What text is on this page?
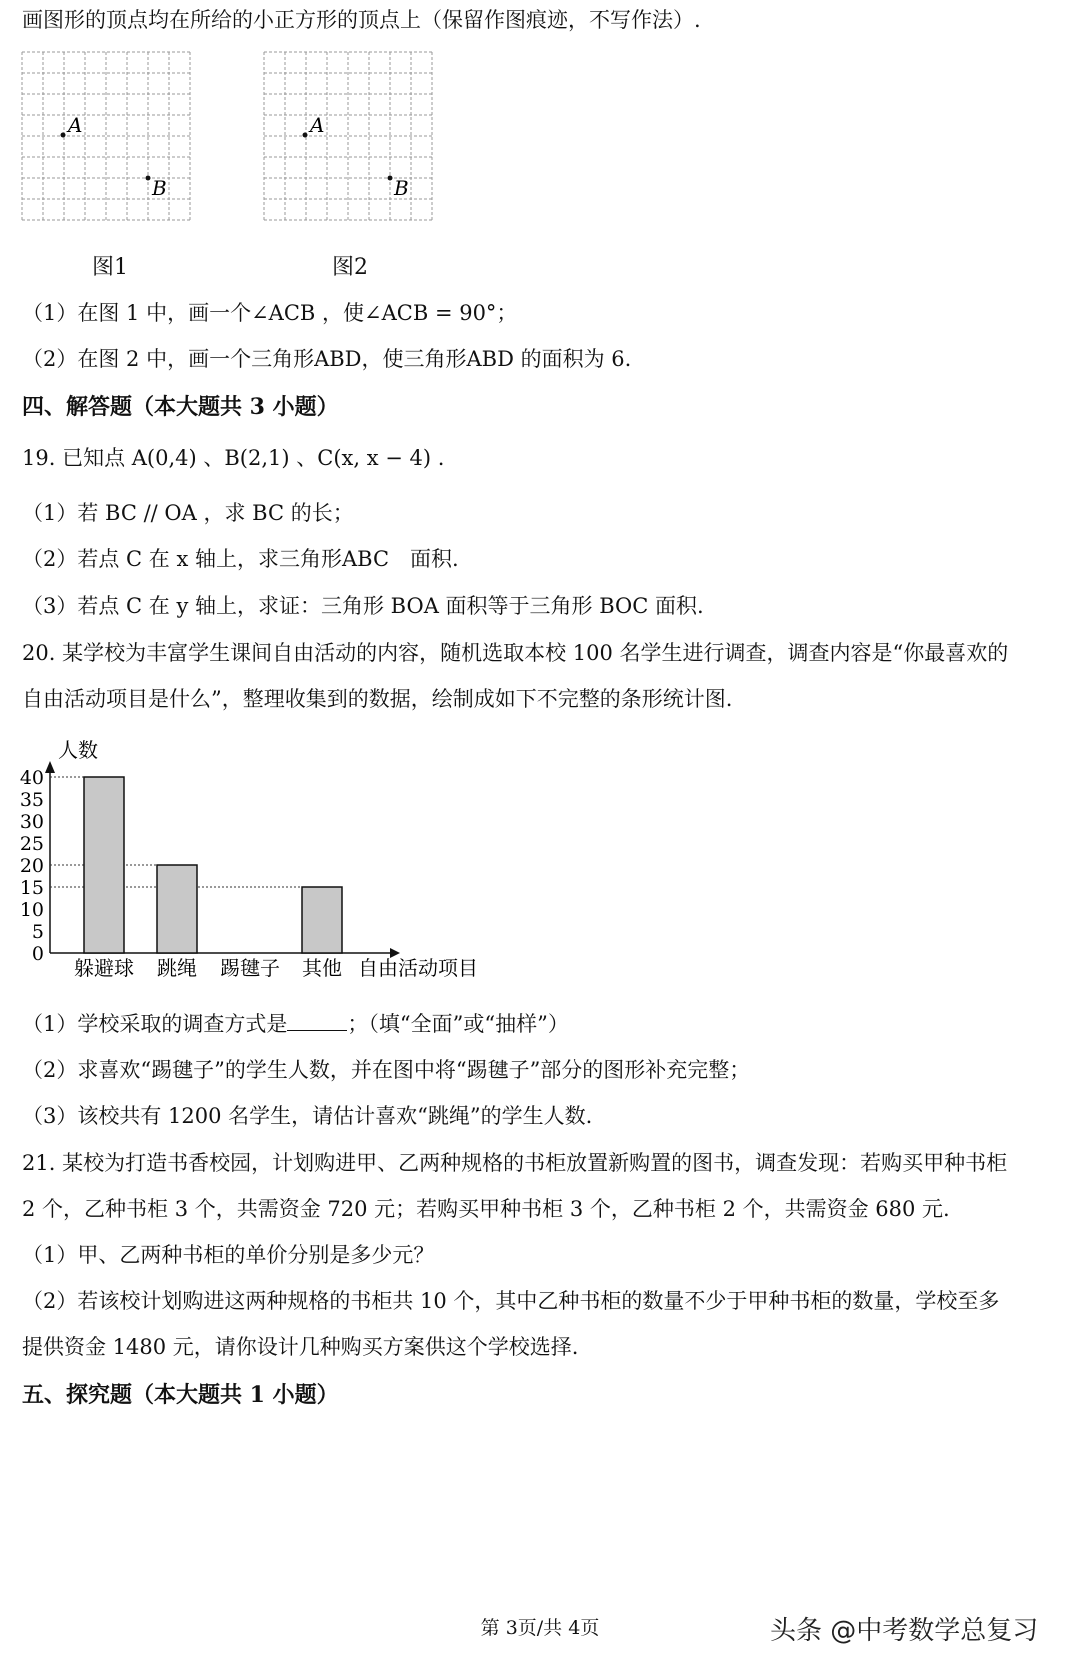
画图形的顶点均在所给的小正方形的顶点上（保留作图痕迹，不写作法）.
A
B
图1
A
B
图2
（1）在图 1 中，画一个∠ACB ，使∠ACB = 90°；
（2）在图 2 中，画一个三角形ABD，使三角形ABD 的面积为 6.
四、解答题（本大题共 3 小题）
19. 已知点 A(0,4) 、B(2,1) 、C(x, x − 4) .
（1）若 BC // OA ，求 BC 的长；
（2）若点 C 在 x 轴上，求三角形ABC　面积.
（3）若点 C 在 y 轴上，求证：三角形 BOA 面积等于三角形 BOC 面积.
20. 某学校为丰富学生课间自由活动的内容，随机选取本校 100 名学生进行调查，调查内容是“你最喜欢的
自由活动项目是什么”，整理收集到的数据，绘制成如下不完整的条形统计图.
0
5
10
15
20
25
30
35
40
躲避球 跳绳 踢毽子 其他 自由活动项目
人数
（1）学校采取的调查方式是	；（填“全面”或“抽样”）
（2）求喜欢“踢毽子”的学生人数，并在图中将“踢毽子”部分的图形补充完整；
（3）该校共有 1200 名学生，请估计喜欢“跳绳”的学生人数.
21. 某校为打造书香校园，计划购进甲、乙两种规格的书柜放置新购置的图书，调查发现：若购买甲种书柜
2 个，乙种书柜 3 个，共需资金 720 元；若购买甲种书柜 3 个，乙种书柜 2 个，共需资金 680 元.
（1）甲、乙两种书柜的单价分别是多少元？
（2）若该校计划购进这两种规格的书柜共 10 个，其中乙种书柜的数量不少于甲种书柜的数量，学校至多
提供资金 1480 元，请你设计几种购买方案供这个学校选择.
五、探究题（本大题共 1 小题）
第 3页/共 4页	头条 @中考数学总复习
